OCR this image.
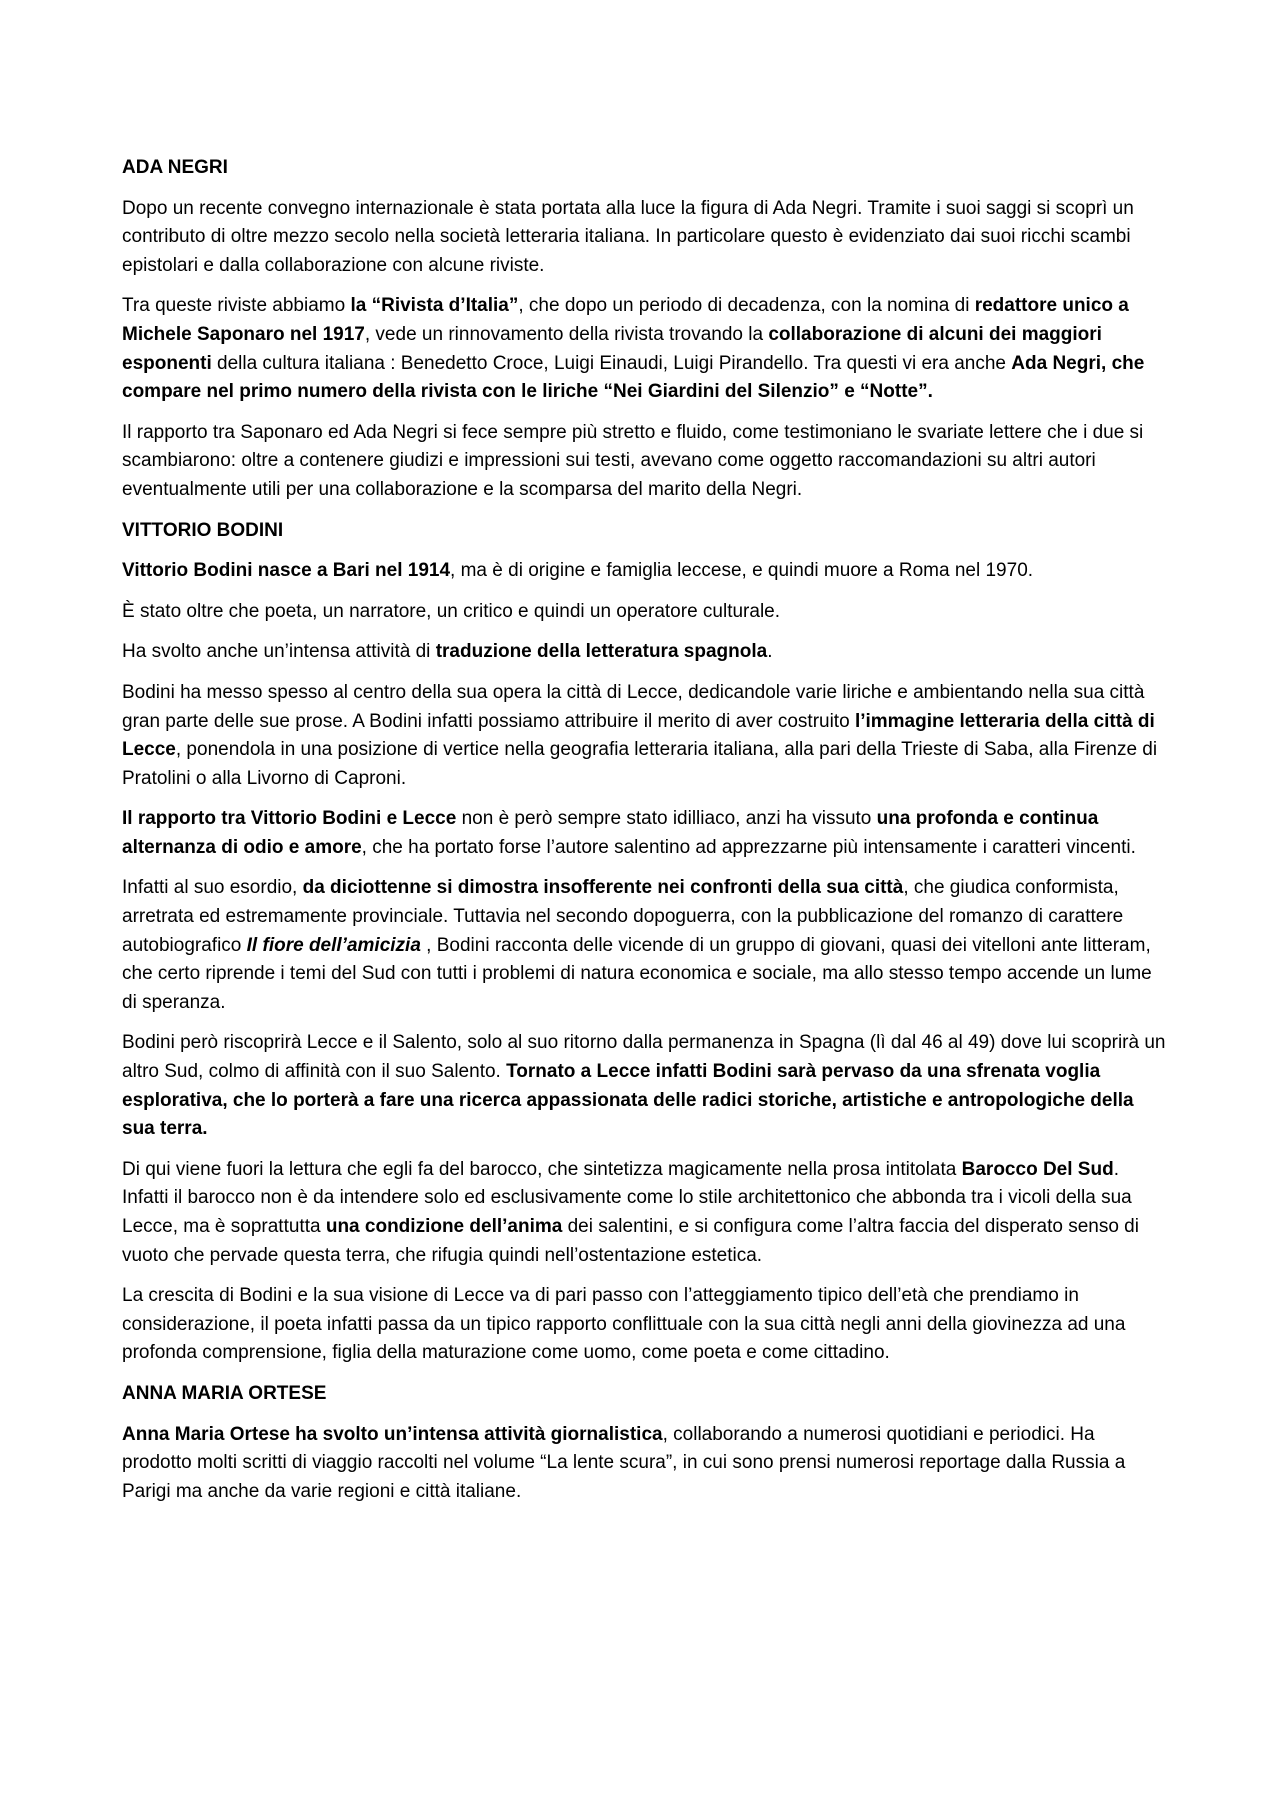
ADA NEGRI

Dopo un recente convegno internazionale è stata portata alla luce la figura di Ada Negri. Tramite i suoi saggi si scoprì un contributo di oltre mezzo secolo nella società letteraria italiana. In particolare questo è evidenziato dai suoi ricchi scambi epistolari e dalla collaborazione con alcune riviste.

Tra queste riviste abbiamo la “Rivista d’Italia”, che dopo un periodo di decadenza, con la nomina di redattore unico a Michele Saponaro nel 1917, vede un rinnovamento della rivista trovando la collaborazione di alcuni dei maggiori esponenti della cultura italiana : Benedetto Croce, Luigi Einaudi, Luigi Pirandello. Tra questi vi era anche Ada Negri, che compare nel primo numero della rivista con le liriche “Nei Giardini del Silenzio” e “Notte”.

Il rapporto tra Saponaro ed Ada Negri si fece sempre più stretto e fluido, come testimoniano le svariate lettere che i due si scambiarono: oltre a contenere giudizi e impressioni sui testi, avevano come oggetto raccomandazioni su altri autori eventualmente utili per una collaborazione e la scomparsa del marito della Negri.

VITTORIO BODINI

Vittorio Bodini nasce a Bari nel 1914, ma è di origine e famiglia leccese, e quindi muore a Roma nel 1970.

È stato oltre che poeta, un narratore, un critico e quindi un operatore culturale.

Ha svolto anche un’intensa attività di traduzione della letteratura spagnola.

Bodini ha messo spesso al centro della sua opera la città di Lecce, dedicandole varie liriche e ambientando nella sua città gran parte delle sue prose. A Bodini infatti possiamo attribuire il merito di aver costruito l’immagine letteraria della città di Lecce, ponendola in una posizione di vertice nella geografia letteraria italiana, alla pari della Trieste di Saba, alla Firenze di Pratolini o alla Livorno di Caproni.

Il rapporto tra Vittorio Bodini e Lecce non è però sempre stato idilliaco, anzi ha vissuto una profonda e continua alternanza di odio e amore, che ha portato forse l’autore salentino ad apprezzarne più intensamente i caratteri vincenti.

Infatti al suo esordio, da diciottenne si dimostra insofferente nei confronti della sua città, che giudica conformista, arretrata ed estremamente provinciale. Tuttavia nel secondo dopoguerra, con la pubblicazione del romanzo di carattere autobiografico Il fiore dell’amicizia , Bodini racconta delle vicende di un gruppo di giovani, quasi dei vitelloni ante litteram, che certo riprende i temi del Sud con tutti i problemi di natura economica e sociale, ma allo stesso tempo accende un lume di speranza.

Bodini però riscoprirà Lecce e il Salento, solo al suo ritorno dalla permanenza in Spagna (lì dal 46 al 49) dove lui scoprirà un altro Sud, colmo di affinità con il suo Salento. Tornato a Lecce infatti Bodini sarà pervaso da una sfrenata voglia esplorativa, che lo porterà a fare una ricerca appassionata delle radici storiche, artistiche e antropologiche della sua terra.

Di qui viene fuori la lettura che egli fa del barocco, che sintetizza magicamente nella prosa intitolata Barocco Del Sud. Infatti il barocco non è da intendere solo ed esclusivamente come lo stile architettonico che abbonda tra i vicoli della sua Lecce, ma è soprattutta una condizione dell’anima dei salentini, e si configura come l’altra faccia del disperato senso di vuoto che pervade questa terra, che rifugia quindi nell’ostentazione estetica.

La crescita di Bodini e la sua visione di Lecce va di pari passo con l’atteggiamento tipico dell’età che prendiamo in considerazione, il poeta infatti passa da un tipico rapporto conflittuale con la sua città negli anni della giovinezza ad una profonda comprensione, figlia della maturazione come uomo, come poeta e come cittadino.

ANNA MARIA ORTESE

Anna Maria Ortese ha svolto un’intensa attività giornalistica, collaborando a numerosi quotidiani e periodici. Ha prodotto molti scritti di viaggio raccolti nel volume “La lente scura”, in cui sono prensi numerosi reportage dalla Russia a Parigi ma anche da varie regioni e città italiane.
